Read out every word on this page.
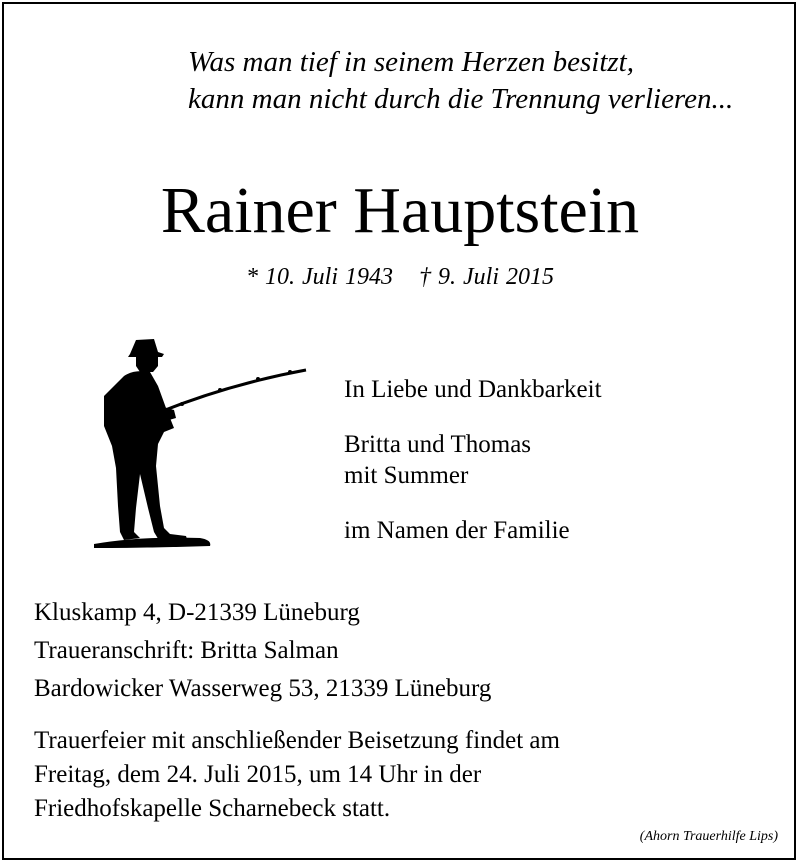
Was man tief in seinem Herzen besitzt,
kann man nicht durch die Trennung verlieren...
Rainer Hauptstein
* 10. Juli 1943 † 9. Juli 2015
In Liebe und Dankbarkeit
Britta und Thomas
mit Summer
im Namen der Familie
Kluskamp 4, D-21339 Lüneburg
Traueranschrift: Britta Salman
Bardowicker Wasserweg 53, 21339 Lüneburg
Trauerfeier mit anschließender Beisetzung findet am
Freitag, dem 24. Juli 2015, um 14 Uhr in der
Friedhofskapelle Scharnebeck statt.
(Ahorn Trauerhilfe Lips)
